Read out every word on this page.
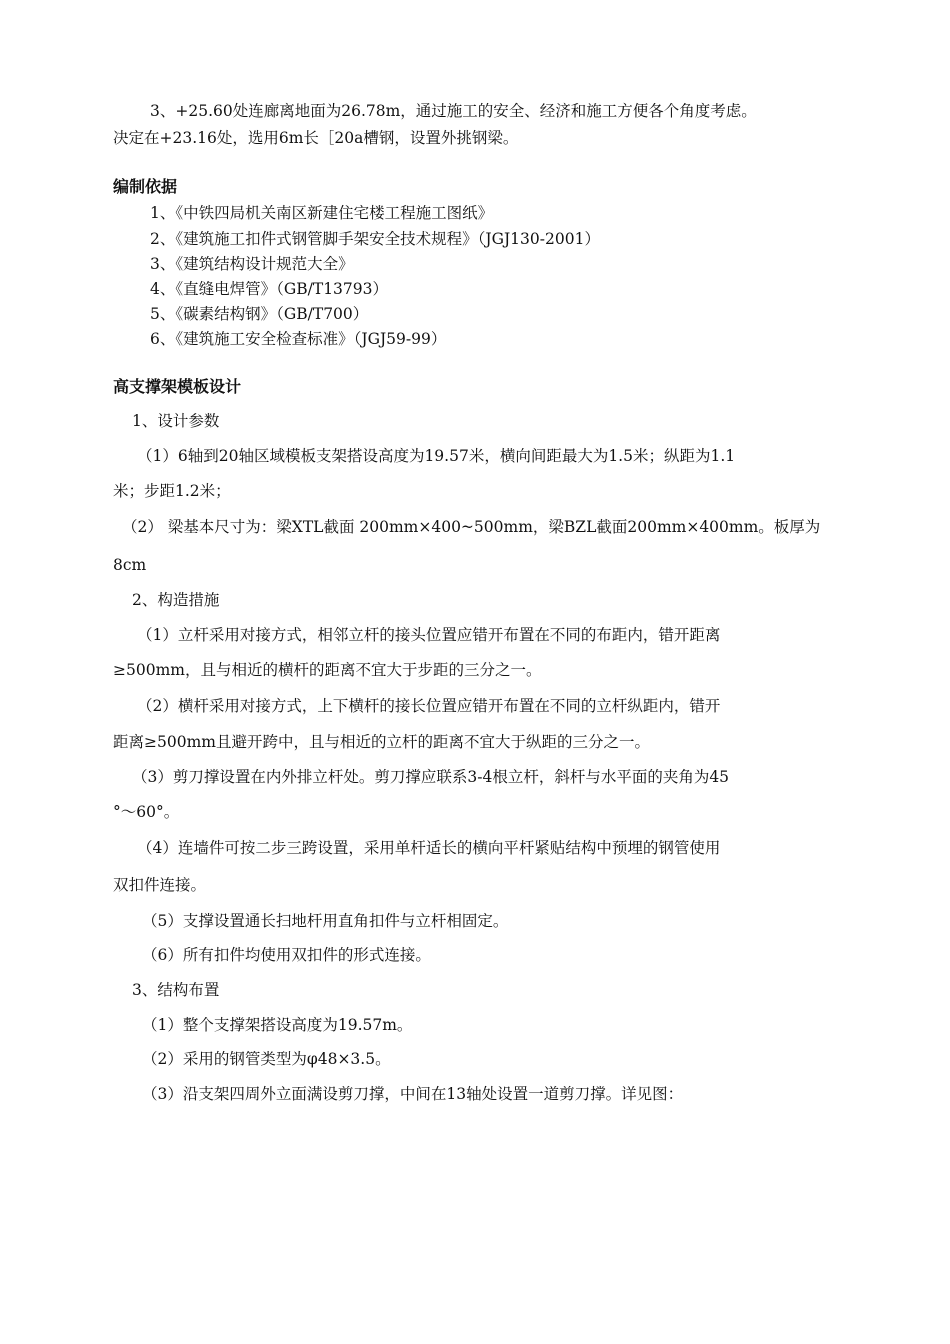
3、+25.60处连廊离地面为26.78m，通过施工的安全、经济和施工方便各个角度考虑。
决定在+23.16处，选用6m长［20a槽钢，设置外挑钢梁。
编制依据
1、《中铁四局机关南区新建住宅楼工程施工图纸》
2、《建筑施工扣件式钢管脚手架安全技术规程》（JGJ130-2001）
3、《建筑结构设计规范大全》
4、《直缝电焊管》（GB/T13793）
5、《碳素结构钢》（GB/T700）
6、《建筑施工安全检查标准》（JGJ59-99）
高支撑架模板设计
1、设计参数
（1）6轴到20轴区域模板支架搭设高度为19.57米，横向间距最大为1.5米；纵距为1.1
米；步距1.2米；
（2） 梁基本尺寸为：梁XTL截面 200mm×400~500mm，梁BZL截面200mm×400mm。板厚为
8cm
2、构造措施
（1）立杆采用对接方式，相邻立杆的接头位置应错开布置在不同的布距内，错开距离
≥500mm，且与相近的横杆的距离不宜大于步距的三分之一。
（2）横杆采用对接方式，上下横杆的接长位置应错开布置在不同的立杆纵距内，错开
距离≥500mm且避开跨中，且与相近的立杆的距离不宜大于纵距的三分之一。
（3）剪刀撑设置在内外排立杆处。剪刀撑应联系3-4根立杆，斜杆与水平面的夹角为45
°～60°。
（4）连墙件可按二步三跨设置，采用单杆适长的横向平杆紧贴结构中预埋的钢管使用
双扣件连接。
（5）支撑设置通长扫地杆用直角扣件与立杆相固定。
（6）所有扣件均使用双扣件的形式连接。
3、结构布置
（1）整个支撑架搭设高度为19.57m。
（2）采用的钢管类型为φ48×3.5。
（3）沿支架四周外立面满设剪刀撑，中间在13轴处设置一道剪刀撑。详见图：
